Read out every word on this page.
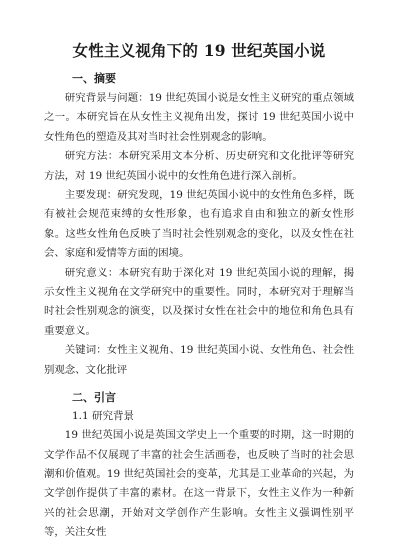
女性主义视角下的 19 世纪英国小说
一、摘要

研究背景与问题：19 世纪英国小说是女性主义研究的重点领域之一。本研究旨在从女性主义视角出发，探讨 19 世纪英国小说中女性角色的塑造及其对当时社会性别观念的影响。

研究方法：本研究采用文本分析、历史研究和文化批评等研究方法，对 19 世纪英国小说中的女性角色进行深入剖析。

主要发现：研究发现，19 世纪英国小说中的女性角色多样，既有被社会规范束缚的女性形象，也有追求自由和独立的新女性形象。这些女性角色反映了当时社会性别观念的变化，以及女性在社会、家庭和爱情等方面的困境。

研究意义：本研究有助于深化对 19 世纪英国小说的理解，揭示女性主义视角在文学研究中的重要性。同时，本研究对于理解当时社会性别观念的演变，以及探讨女性在社会中的地位和角色具有重要意义。

关键词：女性主义视角、19 世纪英国小说、女性角色、社会性别观念、文化批评

二、引言
1.1 研究背景

19 世纪英国小说是英国文学史上一个重要的时期，这一时期的文学作品不仅展现了丰富的社会生活画卷，也反映了当时的社会思潮和价值观。19 世纪英国社会的变革，尤其是工业革命的兴起，为文学创作提供了丰富的素材。在这一背景下，女性主义作为一种新兴的社会思潮，开始对文学创作产生影响。女性主义强调性别平等，关注女性
